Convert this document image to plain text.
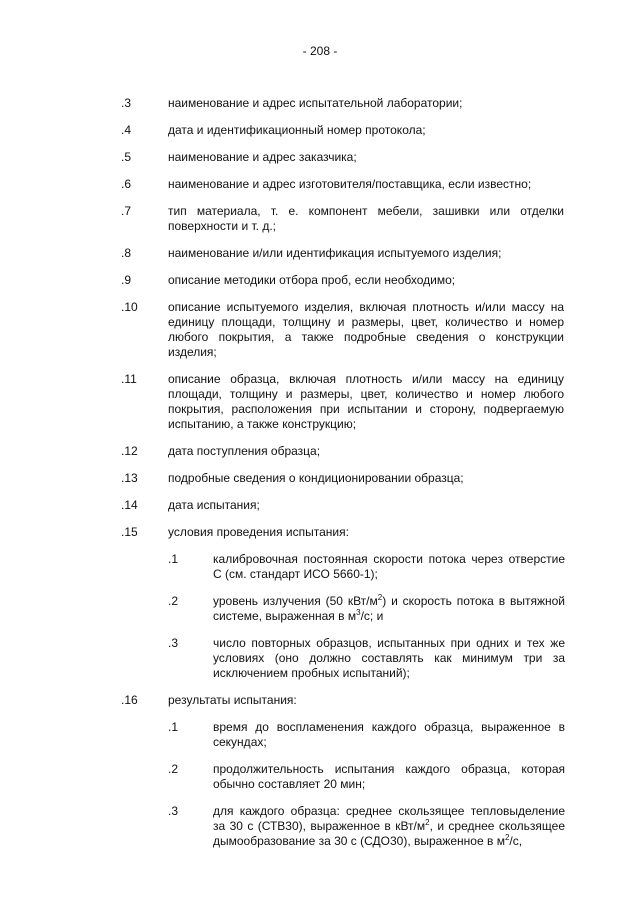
- 208 -
.3	наименование и адрес испытательной лаборатории;
.4	дата и идентификационный номер протокола;
.5	наименование и адрес заказчика;
.6	наименование и адрес изготовителя/поставщика, если известно;
.7	тип материала, т. е. компонент мебели, зашивки или отделки поверхности и т. д.;
.8	наименование и/или идентификация испытуемого изделия;
.9	описание методики отбора проб, если необходимо;
.10	описание испытуемого изделия, включая плотность и/или массу на единицу площади, толщину и размеры, цвет, количество и номер любого покрытия, а также подробные сведения о конструкции изделия;
.11	описание образца, включая плотность и/или массу на единицу площади, толщину и размеры, цвет, количество и номер любого покрытия, расположения при испытании и сторону, подвергаемую испытанию, а также конструкцию;
.12	дата поступления образца;
.13	подробные сведения о кондиционировании образца;
.14	дата испытания;
.15	условия проведения испытания:
.1	калибровочная постоянная скорости потока через отверстие С (см. стандарт ИСО 5660-1);
.2	уровень излучения (50 кВт/$м^2$) и скорость потока в вытяжной системе, выраженная в $м^3/с$; и
.3	число повторных образцов, испытанных при одних и тех же условиях (оно должно составлять как минимум три за исключением пробных испытаний);
.16	результаты испытания:
.1	время до воспламенения каждого образца, выраженное в секундах;
.2	продолжительность испытания каждого образца, которая обычно составляет 20 мин;
.3	для каждого образца: среднее скользящее тепловыделение за 30 с (СТВ30), выраженное в кВт/$м^2$, и среднее скользящее дымообразование за 30 с (СДО30), выраженное в $м^2/с$,
